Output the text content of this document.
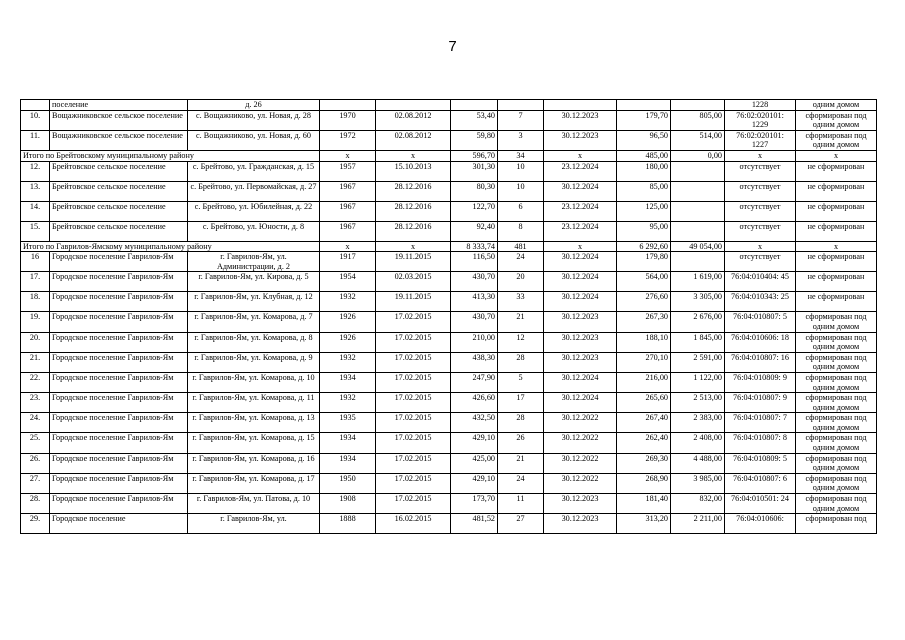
7
	поселение	д. 26								1228	одним домом
10.	Вощажниковское сельское поселение	с. Вощажниково, ул. Новая, д. 28	1970	02.08.2012	53,40	7	30.12.2023	179,70	805,00	76:02:020101: 1229	сформирован под одним домом
11.	Вощажниковское сельское поселение	с. Вощажниково, ул. Новая, д. 60	1972	02.08.2012	59,80	3	30.12.2023	96,50	514,00	76:02:020101: 1227	сформирован под одним домом
Итого по Брейтовскому муниципальному району			x	x	596,70	34	x	485,00	0,00	x	x
12.	Брейтовское сельское поселение	с. Брейтово, ул. Гражданская, д. 15	1957	15.10.2013	301,30	10	23.12.2024	180,00		отсутствует	не сформирован
13.	Брейтовское сельское поселение	с. Брейтово, ул. Первомайская, д. 27	1967	28.12.2016	80,30	10	30.12.2024	85,00		отсутствует	не сформирован
14.	Брейтовское сельское поселение	с. Брейтово, ул. Юбилейная, д. 22	1967	28.12.2016	122,70	6	23.12.2024	125,00		отсутствует	не сформирован
15.	Брейтовское сельское поселение	с. Брейтово, ул. Юности, д. 8	1967	28.12.2016	92,40	8	23.12.2024	95,00		отсутствует	не сформирован
Итого по Гаврилов-Ямскому муниципальному району			x	x	8 333,74	481	x	6 292,60	49 054,00	x	x
16	Городское поселение Гаврилов-Ям	г. Гаврилов-Ям, ул. Администрации, д. 2	1917	19.11.2015	116,50	24	30.12.2024	179,80		отсутствует	не сформирован
17.	Городское поселение Гаврилов-Ям	г. Гаврилов-Ям, ул. Кирова, д. 5	1954	02.03.2015	430,70	20	30.12.2024	564,00	1 619,00	76:04:010404: 45	не сформирован
18.	Городское поселение Гаврилов-Ям	г. Гаврилов-Ям, ул. Клубная, д. 12	1932	19.11.2015	413,30	33	30.12.2024	276,60	3 305,00	76:04:010343: 25	не сформирован
19.	Городское поселение Гаврилов-Ям	г. Гаврилов-Ям, ул. Комарова, д. 7	1926	17.02.2015	430,70	21	30.12.2023	267,30	2 676,00	76:04:010807: 5	сформирован под одним домом
20.	Городское поселение Гаврилов-Ям	г. Гаврилов-Ям, ул. Комарова, д. 8	1926	17.02.2015	210,00	12	30.12.2023	188,10	1 845,00	76:04:010606: 18	сформирован под одним домом
21.	Городское поселение Гаврилов-Ям	г. Гаврилов-Ям, ул. Комарова, д. 9	1932	17.02.2015	438,30	28	30.12.2023	270,10	2 591,00	76:04:010807: 16	сформирован под одним домом
22.	Городское поселение Гаврилов-Ям	г. Гаврилов-Ям, ул. Комарова, д. 10	1934	17.02.2015	247,90	5	30.12.2024	216,00	1 122,00	76:04:010809: 9	сформирован под одним домом
23.	Городское поселение Гаврилов-Ям	г. Гаврилов-Ям, ул. Комарова, д. 11	1932	17.02.2015	426,60	17	30.12.2024	265,60	2 513,00	76:04:010807: 9	сформирован под одним домом
24.	Городское поселение Гаврилов-Ям	г. Гаврилов-Ям, ул. Комарова, д. 13	1935	17.02.2015	432,50	28	30.12.2022	267,40	2 383,00	76:04:010807: 7	сформирован под одним домом
25.	Городское поселение Гаврилов-Ям	г. Гаврилов-Ям, ул. Комарова, д. 15	1934	17.02.2015	429,10	26	30.12.2022	262,40	2 408,00	76:04:010807: 8	сформирован под одним домом
26.	Городское поселение Гаврилов-Ям	г. Гаврилов-Ям, ул. Комарова, д. 16	1934	17.02.2015	425,00	21	30.12.2022	269,30	4 488,00	76:04:010809: 5	сформирован под одним домом
27.	Городское поселение Гаврилов-Ям	г. Гаврилов-Ям, ул. Комарова, д. 17	1950	17.02.2015	429,10	24	30.12.2022	268,90	3 985,00	76:04:010807: 6	сформирован под одним домом
28.	Городское поселение Гаврилов-Ям	г. Гаврилов-Ям, ул. Патова, д. 10	1908	17.02.2015	173,70	11	30.12.2023	181,40	832,00	76:04:010501: 24	сформирован под одним домом
29.	Городское поселение	г. Гаврилов-Ям, ул.	1888	16.02.2015	481,52	27	30.12.2023	313,20	2 211,00	76:04:010606:	сформирован под
